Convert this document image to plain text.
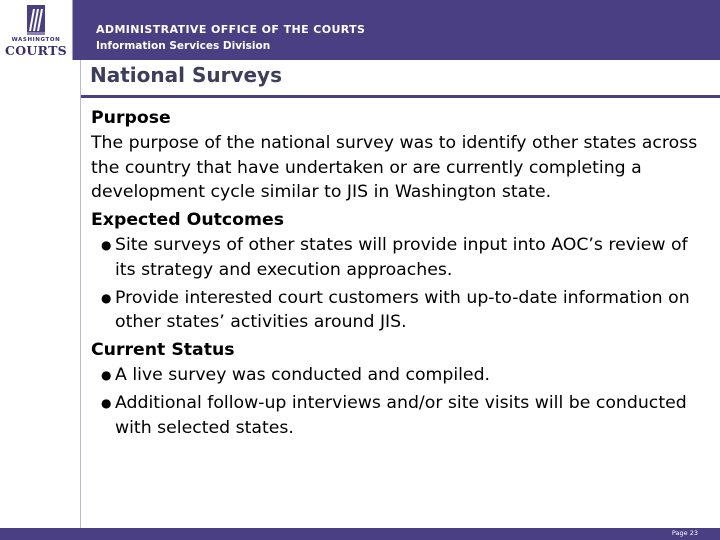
WASHINGTON
COURTS
ADMINISTRATIVE OFFICE OF THE COURTS
Information Services Division
National Surveys
Purpose
The purpose of the national survey was to identify other states across the country that have undertaken or are currently completing a development cycle similar to JIS in Washington state.
Expected Outcomes
● Site surveys of other states will provide input into AOC’s review of its strategy and execution approaches.
● Provide interested court customers with up-to-date information on other states’ activities around JIS.
Current Status
● A live survey was conducted and compiled.
● Additional follow-up interviews and/or site visits will be conducted with selected states.
Page 23
